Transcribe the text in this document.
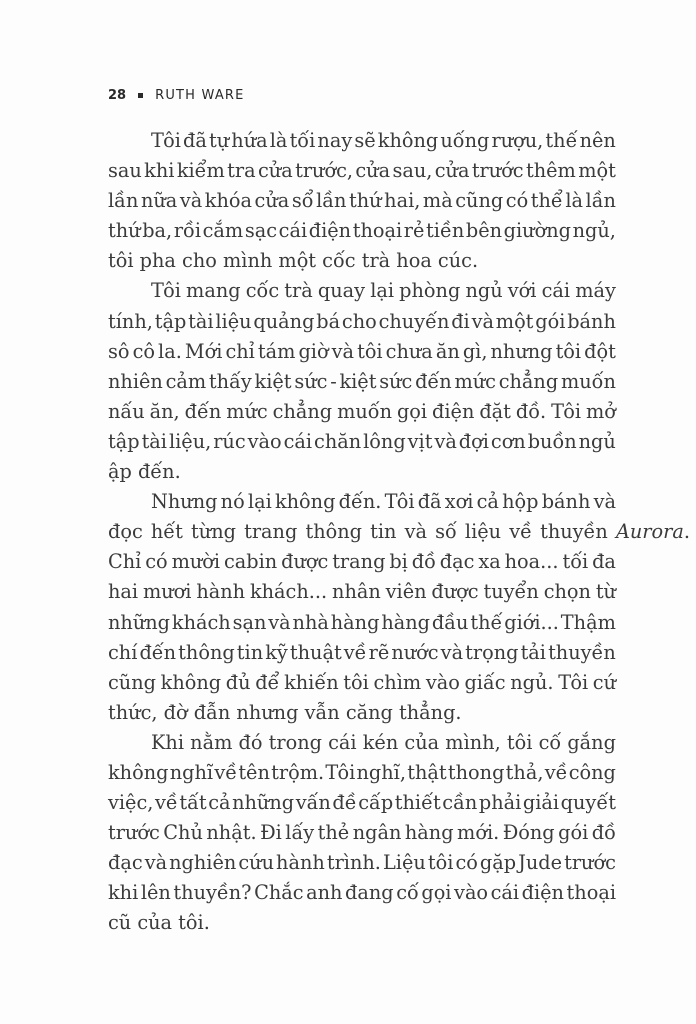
28 RUTH WARE
Tôi đã tự hứa là tối nay sẽ không uống rượu, thế nên
sau khi kiểm tra cửa trước, cửa sau, cửa trước thêm một
lần nữa và khóa cửa sổ lần thứ hai, mà cũng có thể là lần
thứ ba, rồi cắm sạc cái điện thoại rẻ tiền bên giường ngủ,
tôi pha cho mình một cốc trà hoa cúc.
Tôi mang cốc trà quay lại phòng ngủ với cái máy
tính, tập tài liệu quảng bá cho chuyến đi và một gói bánh
sô cô la. Mới chỉ tám giờ và tôi chưa ăn gì, nhưng tôi đột
nhiên cảm thấy kiệt sức - kiệt sức đến mức chẳng muốn
nấu ăn, đến mức chẳng muốn gọi điện đặt đồ. Tôi mở
tập tài liệu, rúc vào cái chăn lông vịt và đợi cơn buồn ngủ
ập đến.
Nhưng nó lại không đến. Tôi đã xơi cả hộp bánh và
đọc hết từng trang thông tin và số liệu về thuyền Aurora.
Chỉ có mười cabin được trang bị đồ đạc xa hoa... tối đa
hai mươi hành khách... nhân viên được tuyển chọn từ
những khách sạn và nhà hàng hàng đầu thế giới... Thậm
chí đến thông tin kỹ thuật về rẽ nước và trọng tải thuyền
cũng không đủ để khiến tôi chìm vào giấc ngủ. Tôi cứ
thức, đờ đẫn nhưng vẫn căng thẳng.
Khi nằm đó trong cái kén của mình, tôi cố gắng
không nghĩ về tên trộm. Tôi nghĩ, thật thong thả, về công
việc, về tất cả những vấn đề cấp thiết cần phải giải quyết
trước Chủ nhật. Đi lấy thẻ ngân hàng mới. Đóng gói đồ
đạc và nghiên cứu hành trình. Liệu tôi có gặp Jude trước
khi lên thuyền? Chắc anh đang cố gọi vào cái điện thoại
cũ của tôi.
